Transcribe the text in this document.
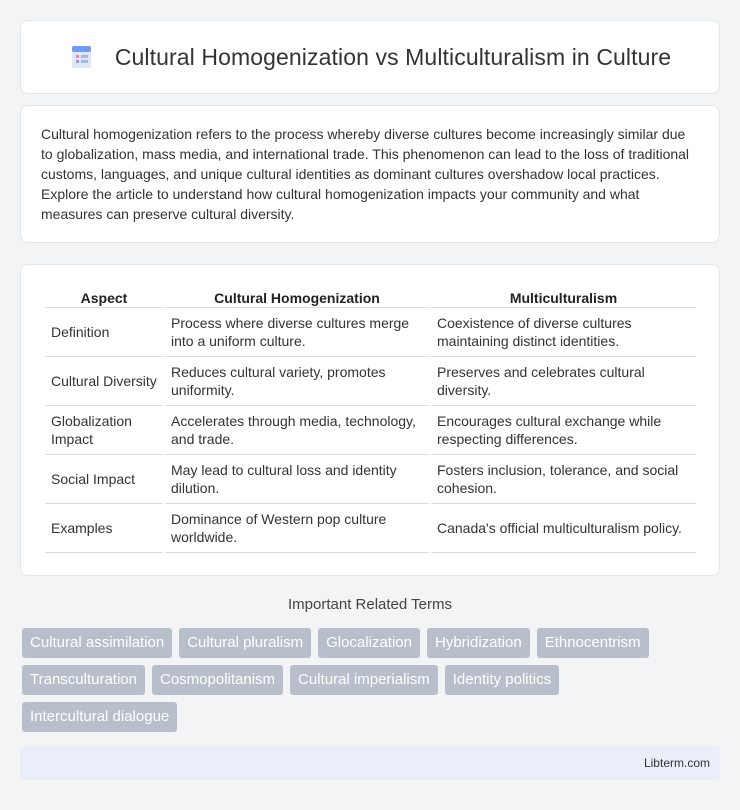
Cultural Homogenization vs Multiculturalism in Culture

Cultural homogenization refers to the process whereby diverse cultures become increasingly similar due to globalization, mass media, and international trade. This phenomenon can lead to the loss of traditional customs, languages, and unique cultural identities as dominant cultures overshadow local practices. Explore the article to understand how cultural homogenization impacts your community and what measures can preserve cultural diversity.

Aspect	Cultural Homogenization	Multiculturalism
Definition	Process where diverse cultures merge into a uniform culture.	Coexistence of diverse cultures maintaining distinct identities.
Cultural Diversity	Reduces cultural variety, promotes uniformity.	Preserves and celebrates cultural diversity.
Globalization Impact	Accelerates through media, technology, and trade.	Encourages cultural exchange while respecting differences.
Social Impact	May lead to cultural loss and identity dilution.	Fosters inclusion, tolerance, and social cohesion.
Examples	Dominance of Western pop culture worldwide.	Canada's official multiculturalism policy.
Important Related Terms
Cultural assimilation	Cultural pluralism	Glocalization	Hybridization	Ethnocentrism
Transculturation	Cosmopolitanism	Cultural imperialism	Identity politics
Intercultural dialogue
Libterm.com
